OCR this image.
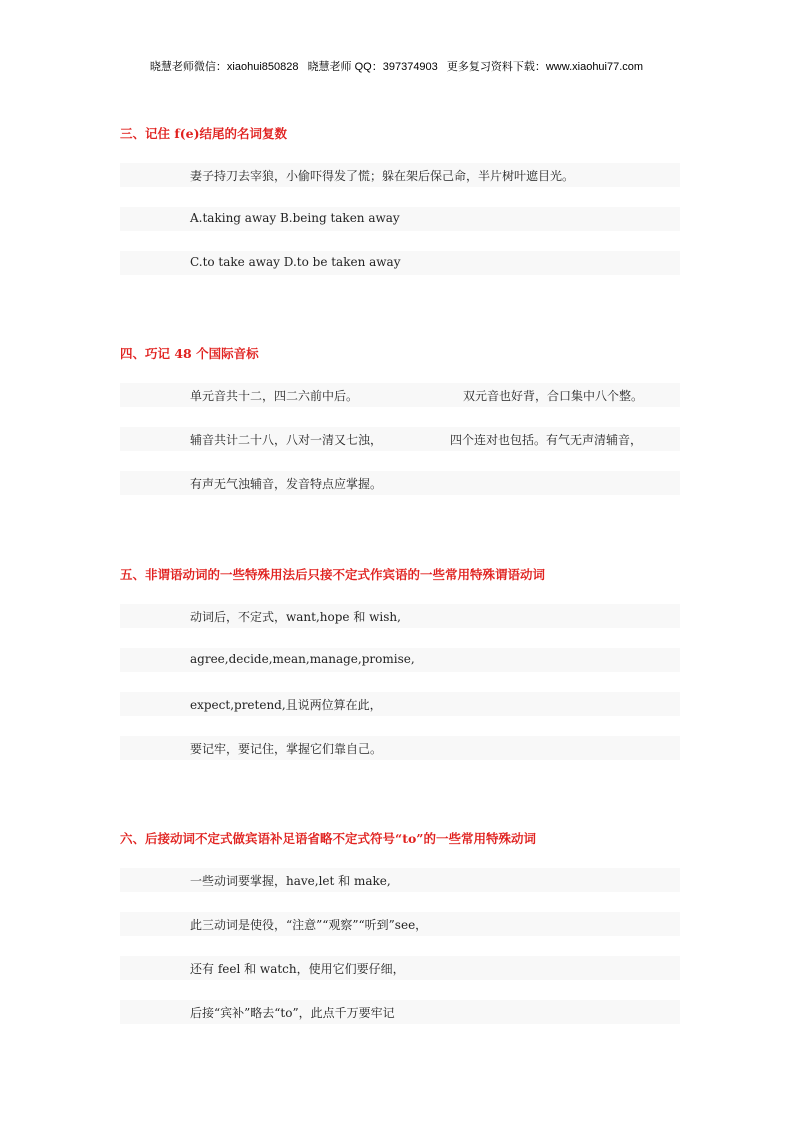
晓慧老师微信：xiaohui850828 晓慧老师 QQ：397374903 更多复习资料下载：www.xiaohui77.com
三、记住 f(e)结尾的名词复数
妻子持刀去宰狼，小偷吓得发了慌；躲在架后保己命，半片树叶遮目光。
A.taking away B.being taken away
C.to take away D.to be taken away
四、巧记 48 个国际音标
单元音共十二，四二六前中后。	双元音也好背，合口集中八个整。
辅音共计二十八，八对一清又七浊，	四个连对也包括。有气无声清辅音，
有声无气浊辅音，发音特点应掌握。
五、非谓语动词的一些特殊用法后只接不定式作宾语的一些常用特殊谓语动词
动词后，不定式，want,hope 和 wish,
agree,decide,mean,manage,promise,
expect,pretend,且说两位算在此，
要记牢，要记住，掌握它们靠自己。
六、后接动词不定式做宾语补足语省略不定式符号“to”的一些常用特殊动词
一些动词要掌握，have,let 和 make,
此三动词是使役，“注意”“观察”“听到”see，
还有 feel 和 watch，使用它们要仔细，
后接“宾补”略去“to”，此点千万要牢记
